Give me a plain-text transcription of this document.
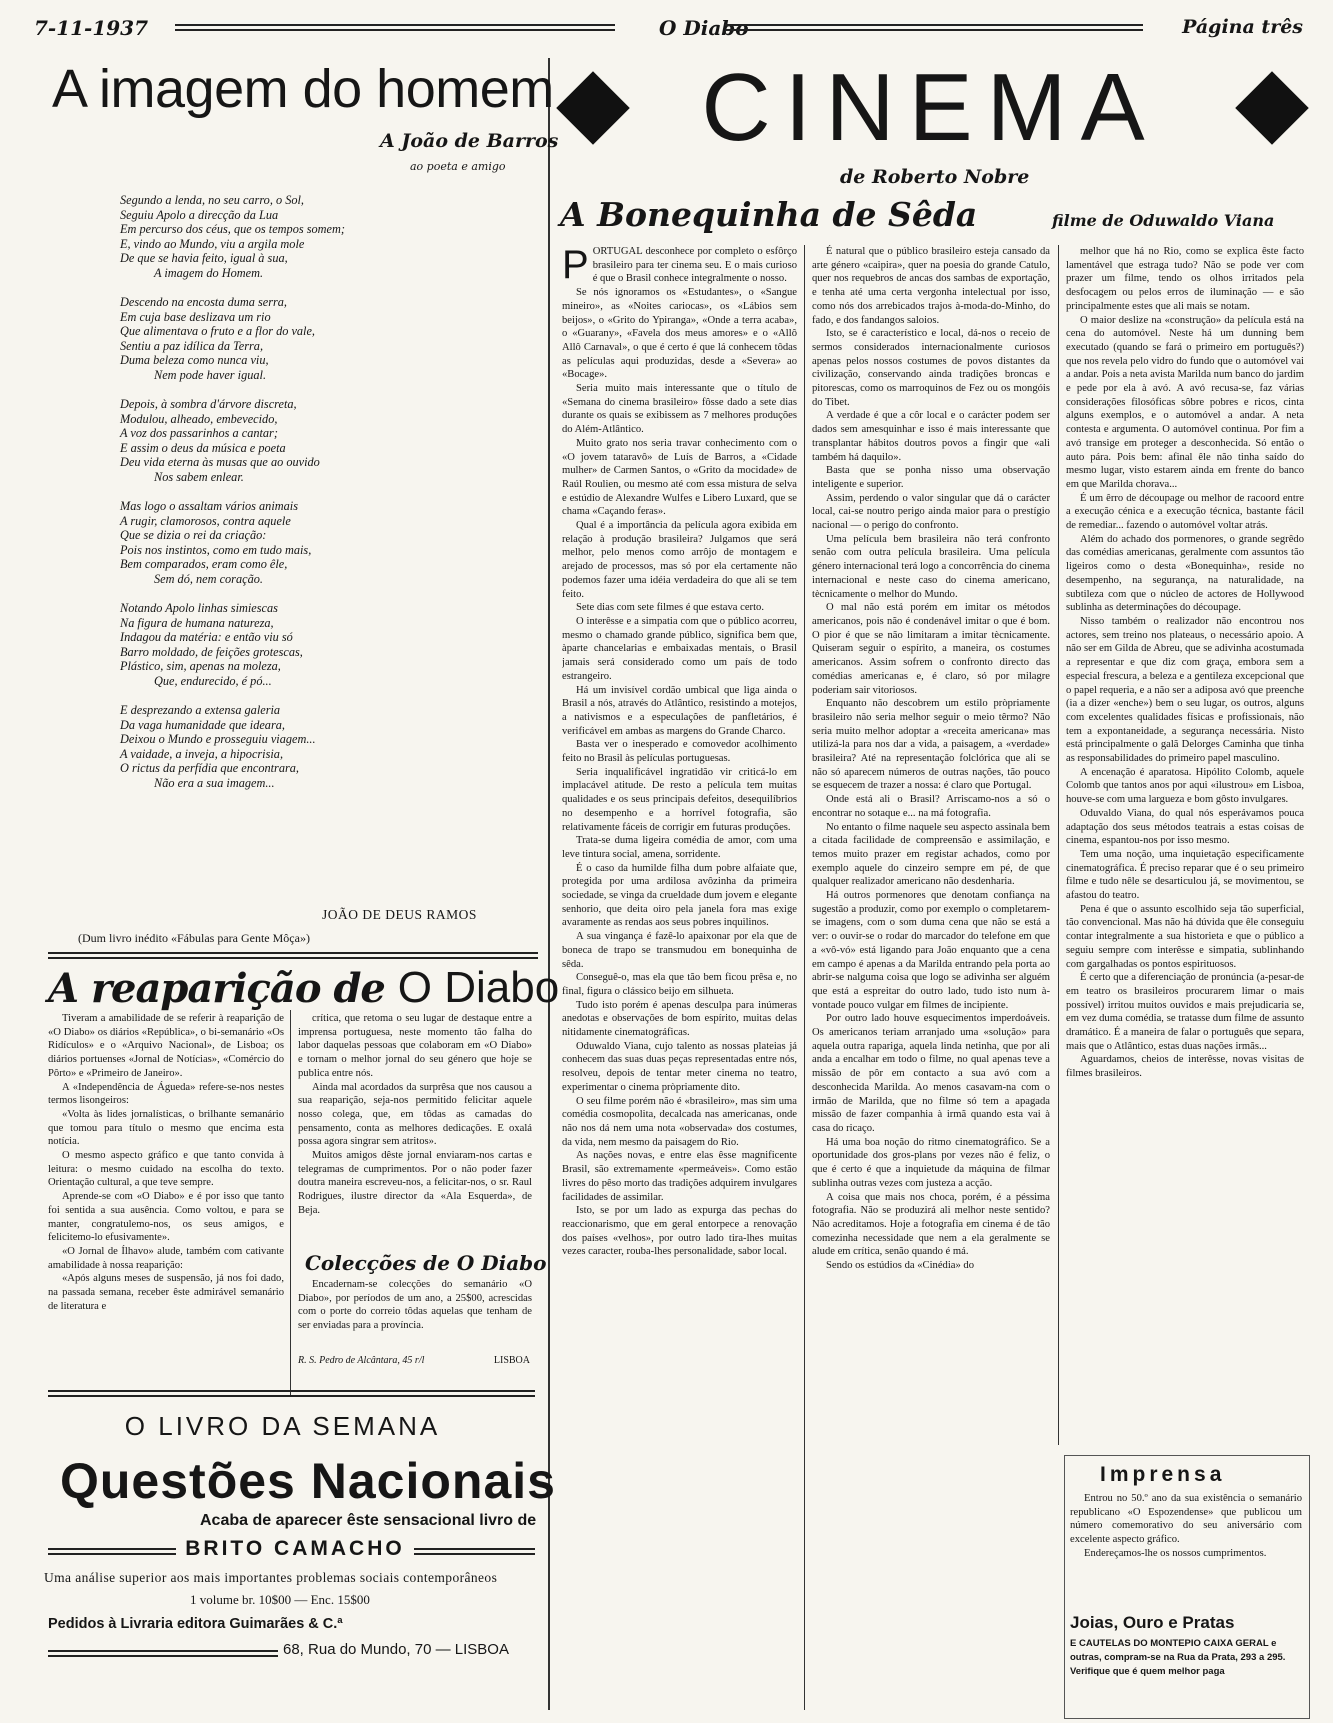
7-11-1937	O Diabo	Página três
A imagem do homem
A João de Barros
ao poeta e amigo
Segundo a lenda, no seu carro, o Sol,
Seguiu Apolo a direcção da Lua
Em percurso dos céus, que os tempos somem;
E, vindo ao Mundo, viu a argila mole
De que se havia feito, igual à sua,
A imagem do Homem.
Descendo na encosta duma serra,
Em cuja base deslizava um rio
Que alimentava o fruto e a flor do vale,
Sentiu a paz idílica da Terra,
Duma beleza como nunca viu,
Nem pode haver igual.
Depois, à sombra d'árvore discreta,
Modulou, alheado, embevecido,
A voz dos passarinhos a cantar;
E assim o deus da música e poeta
Deu vida eterna às musas que ao ouvido
Nos sabem enlear.
Mas logo o assaltam vários animais
A rugir, clamorosos, contra aquele
Que se dizia o rei da criação:
Pois nos instintos, como em tudo mais,
Bem comparados, eram como êle,
Sem dó, nem coração.
Notando Apolo linhas simiescas
Na figura de humana natureza,
Indagou da matéria: e então viu só
Barro moldado, de feições grotescas,
Plástico, sim, apenas na moleza,
Que, endurecido, é pó...
E desprezando a extensa galeria
Da vaga humanidade que ideara,
Deixou o Mundo e prosseguiu viagem...
A vaidade, a inveja, a hipocrisia,
O rictus da perfídia que encontrara,
Não era a sua imagem...
JOÃO DE DEUS RAMOS
(Dum livro inédito «Fábulas para Gente Môça»)
CINEMA
de Roberto Nobre
A Bonequinha de Sêda	filme de Oduwaldo Viana
P ORTUGAL desconhece por completo o esfôrço brasileiro para ter cinema seu. E o mais curioso é que o Brasil conhece integralmente o nosso.

Se nós ignoramos os «Estudantes», o «Sangue mineiro», as «Noites cariocas», os «Lábios sem beijos», o «Grito do Ypiranga», «Onde a terra acaba», o «Guarany», «Favela dos meus amores» e o «Allô Allô Carnaval», o que é certo é que lá conhecem tôdas as películas aqui produzidas, desde a «Severa» ao «Bocage».

Seria muito mais interessante que o título de «Semana do cinema brasileiro» fôsse dado a sete dias durante os quais se exibissem as 7 melhores produções do Além-Atlântico.

Muito grato nos seria travar conhecimento com o «O jovem tataravô» de Luís de Barros, a «Cidade mulher» de Carmen Santos, o «Grito da mocidade» de Raúl Roulien, ou mesmo até com essa mistura de selva e estúdio de Alexandre Wulfes e Libero Luxard, que se chama «Caçando feras».

Qual é a importância da película agora exibida em relação à produção brasileira? Julgamos que será melhor, pelo menos como arrôjo de montagem e arejado de processos, mas só por ela certamente não podemos fazer uma idéia verdadeira do que ali se tem feito.

Sete dias com sete filmes é que estava certo.

O interêsse e a simpatia com que o público acorreu, mesmo o chamado grande público, significa bem que, àparte chancelarias e embaixadas mentais, o Brasil jamais será considerado como um país de todo estrangeiro.

Há um invisível cordão umbical que liga ainda o Brasil a nós, através do Atlântico, resistindo a motejos, a nativismos e a especulações de panfletários, é verificável em ambas as margens do Grande Charco.

Basta ver o inesperado e comovedor acolhimento feito no Brasil às películas portuguesas.

Seria inqualificável ingratidão vir criticá-lo em implacável atitude. De resto a película tem muitas qualidades e os seus principais defeitos, desequilíbrios no desempenho e a horrível fotografia, são relativamente fáceis de corrigir em futuras produções.

Trata-se duma ligeira comédia de amor, com uma leve tintura social, amena, sorridente.

É o caso da humilde filha dum pobre alfaiate que, protegida por uma ardilosa avôzinha da primeira sociedade, se vinga da crueldade dum jovem e elegante senhorio, que deita oiro pela janela fora mas exige avaramente as rendas aos seus pobres inquilinos.

A sua vingança é fazê-lo apaixonar por ela que de boneca de trapo se transmudou em bonequinha de sêda.

Conseguê-o, mas ela que tão bem ficou prêsa e, no final, figura o clássico beijo em silhueta.

Tudo isto porém é apenas desculpa para inúmeras anedotas e observações de bom espírito, muitas delas nitidamente cinematográficas.

Oduwaldo Viana, cujo talento as nossas plateias já conhecem das suas duas peças representadas entre nós, resolveu, depois de tentar meter cinema no teatro, experimentar o cinema pròpriamente dito.

O seu filme porém não é «brasileiro», mas sim uma comédia cosmopolita, decalcada nas americanas, onde não nos dá nem uma nota «observada» dos costumes, da vida, nem mesmo da paisagem do Rio.

As nações novas, e entre elas êsse magnificente Brasil, são extremamente «permeáveis». Como estão livres do pêso morto das tradições adquirem invulgares facilidades de assimilar.

Isto, se por um lado as expurga das pechas do reaccionarismo, que em geral entorpece a renovação dos países «velhos», por outro lado tira-lhes muitas vezes caracter, rouba-lhes personalidade, sabor local.

É natural que o público brasileiro esteja cansado da arte género «caipira», quer na poesia do grande Catulo, quer nos requebros de ancas dos sambas de exportação, e tenha até uma certa vergonha intelectual por isso, como nós dos arrebicados trajos à-moda-do-Minho, do fado, e dos fandangos saloios.

Isto, se é característico e local, dá-nos o receio de sermos considerados internacionalmente curiosos apenas pelos nossos costumes de povos distantes da civilização, conservando ainda tradições broncas e pitorescas, como os marroquinos de Fez ou os mongóis do Tibet.

A verdade é que a côr local e o carácter podem ser dados sem amesquinhar e isso é mais interessante que transplantar hábitos doutros povos a fingir que «ali também há daquilo».

Basta que se ponha nisso uma observação inteligente e superior.

Assim, perdendo o valor singular que dá o carácter local, cai-se noutro perigo ainda maior para o prestígio nacional — o perigo do confronto.

Uma película bem brasileira não terá confronto senão com outra película brasileira. Uma película género internacional terá logo a concorrência do cinema internacional e neste caso do cinema americano, tècnicamente o melhor do Mundo.

O mal não está porém em imitar os métodos americanos, pois não é condenável imitar o que é bom. O pior é que se não limitaram a imitar tècnicamente. Quiseram seguir o espírito, a maneira, os costumes americanos. Assim sofrem o confronto directo das comédias americanas e, é claro, só por milagre poderiam sair vitoriosos.

Enquanto não descobrem um estilo pròpriamente brasileiro não seria melhor seguir o meio têrmo? Não seria muito melhor adoptar a «receita americana» mas utilizá-la para nos dar a vida, a paisagem, a «verdade» brasileira? Até na representação folclórica que ali se não só aparecem números de outras nações, tão pouco se esquecem de trazer a nossa: é claro que Portugal.

Onde está ali o Brasil? Arriscamo-nos a só o encontrar no sotaque e... na má fotografia.

No entanto o filme naquele seu aspecto assinala bem a citada facilidade de compreensão e assimilação, e temos muito prazer em registar achados, como por exemplo aquele do cinzeiro sempre em pé, de que qualquer realizador americano não desdenharia.

Há outros pormenores que denotam confiança na sugestão a produzir, como por exemplo o completarem-se imagens, com o som duma cena que não se está a ver: o ouvir-se o rodar do marcador do telefone em que a «vô-vó» está ligando para João enquanto que a cena em campo é apenas a da Marilda entrando pela porta ao abrir-se nalguma coisa que logo se adivinha ser alguém que está a espreitar do outro lado, tudo isto num à-vontade pouco vulgar em filmes de incipiente.

Por outro lado houve esquecimentos imperdoáveis. Os americanos teriam arranjado uma «solução» para aquela outra rapariga, aquela linda netinha, que por ali anda a encalhar em todo o filme, no qual apenas teve a missão de pôr em contacto a sua avó com a desconhecida Marilda. Ao menos casavam-na com o irmão de Marilda, que no filme só tem a apagada missão de fazer companhia à irmã quando esta vai à casa do ricaço.

Há uma boa noção do ritmo cinematográfico. Se a oportunidade dos gros-plans por vezes não é feliz, o que é certo é que a inquietude da máquina de filmar sublinha outras vezes com justeza a acção.

A coisa que mais nos choca, porém, é a péssima fotografia. Não se produzirá ali melhor neste sentido? Não acreditamos. Hoje a fotografia em cinema é de tão comezinha necessidade que nem a ela geralmente se alude em crítica, senão quando é má.

Sendo os estúdios da «Cinédia» do

melhor que há no Rio, como se explica êste facto lamentável que estraga tudo? Não se pode ver com prazer um filme, tendo os olhos irritados pela desfocagem ou pelos erros de iluminação — e são principalmente estes que ali mais se notam.

O maior deslize na «construção» da película está na cena do automóvel. Neste há um dunning bem executado (quando se fará o primeiro em português?) que nos revela pelo vidro do fundo que o automóvel vai a andar. Pois a neta avista Marilda num banco do jardim e pede por ela à avó. A avó recusa-se, faz várias considerações filosóficas sôbre pobres e ricos, cinta alguns exemplos, e o automóvel a andar. A neta contesta e argumenta. O automóvel continua. Por fim a avó transige em proteger a desconhecida. Só então o auto pára. Pois bem: afinal êle não tinha saído do mesmo lugar, visto estarem ainda em frente do banco em que Marilda chorava...

É um êrro de découpage ou melhor de racoord entre a execução cénica e a execução técnica, bastante fácil de remediar... fazendo o automóvel voltar atrás.

Além do achado dos pormenores, o grande segrêdo das comédias americanas, geralmente com assuntos tão ligeiros como o desta «Bonequinha», reside no desempenho, na segurança, na naturalidade, na subtileza com que o núcleo de actores de Hollywood sublinha as determinações do découpage.

Nisso também o realizador não encontrou nos actores, sem treino nos plateaus, o necessário apoio. A não ser em Gilda de Abreu, que se adivinha acostumada a representar e que diz com graça, embora sem a especial frescura, a beleza e a gentileza excepcional que o papel requeria, e a não ser a adiposa avó que preenche (ia a dizer «enche») bem o seu lugar, os outros, alguns com excelentes qualidades físicas e profissionais, não tem a expontaneidade, a segurança necessária. Nisto está principalmente o galã Delorges Caminha que tinha as responsabilidades do primeiro papel masculino.

A encenação é aparatosa. Hipólito Colomb, aquele Colomb que tantos anos por aqui «ilustrou» em Lisboa, houve-se com uma largueza e bom gôsto invulgares.

Oduvaldo Viana, do qual nós esperávamos pouca adaptação dos seus métodos teatrais a estas coisas de cinema, espantou-nos por isso mesmo.

Tem uma noção, uma inquietação especificamente cinematográfica. É preciso reparar que é o seu primeiro filme e tudo nêle se desarticulou já, se movimentou, se afastou do teatro.

Pena é que o assunto escolhido seja tão superficial, tão convencional. Mas não há dúvida que êle conseguiu contar integralmente a sua historieta e que o público a seguiu sempre com interêsse e simpatia, sublinhando com gargalhadas os pontos espirituosos.

É certo que a diferenciação de pronúncia (a-pesar-de em teatro os brasileiros procurarem limar o mais possível) irritou muitos ouvidos e mais prejudicaria se, em vez duma comédia, se tratasse dum filme de assunto dramático. É a maneira de falar o português que separa, mais que o Atlântico, estas duas nações irmãs...

Aguardamos, cheios de interêsse, novas visitas de filmes brasileiros.

Imprensa

Entrou no 50.º ano da sua existência o semanário republicano «O Espozendense» que publicou um número comemorativo do seu aniversário com excelente aspecto gráfico.

Endereçamos-lhe os nossos cumprimentos.

Joias, Ouro e Pratas
E CAUTELAS DO MONTEPIO CAIXA GERAL e outras, compram-se na Rua da Prata, 293 a 295. Verifique que é quem melhor paga
A reaparição de O Diabo

Tiveram a amabilidade de se referir à reaparição de «O Diabo» os diários «República», o bi-semanário «Os Ridículos» e o «Arquivo Nacional», de Lisboa; os diários portuenses «Jornal de Notícias», «Comércio do Pôrto» e «Primeiro de Janeiro».

A «Independência de Águeda» refere-se-nos nestes termos lisongeiros:

«Volta às lides jornalísticas, o brilhante semanário que tomou para título o mesmo que encima esta notícia.

O mesmo aspecto gráfico e que tanto convida à leitura: o mesmo cuidado na escolha do texto. Orientação cultural, a que teve sempre.

Aprende-se com «O Diabo» e é por isso que tanto foi sentida a sua ausência. Como voltou, e para se manter, congratulemo-nos, os seus amigos, e felicitemo-lo efusivamente».

«O Jornal de Ílhavo» alude, também com cativante amabilidade à nossa reaparição:

«Após alguns meses de suspensão, já nos foi dado, na passada semana, receber êste admirável semanário de literatura e

crítica, que retoma o seu lugar de destaque entre a imprensa portuguesa, neste momento tão falha do labor daquelas pessoas que colaboram em «O Diabo» e tornam o melhor jornal do seu género que hoje se publica entre nós.

Ainda mal acordados da surprêsa que nos causou a sua reaparição, seja-nos permitido felicitar aquele nosso colega, que, em tôdas as camadas do pensamento, conta as melhores dedicações. E oxalá possa agora singrar sem atritos».

Muitos amigos dêste jornal enviaram-nos cartas e telegramas de cumprimentos. Por o não poder fazer doutra maneira escreveu-nos, a felicitar-nos, o sr. Raul Rodrigues, ilustre director da «Ala Esquerda», de Beja.

Colecções de O Diabo

Encadernam-se colecções do semanário «O Diabo», por períodos de um ano, a 25$00, acrescidas com o porte do correio tôdas aquelas que tenham de ser enviadas para a província.

LISBOA
R. S. Pedro de Alcântara, 45 r/l
O LIVRO DA SEMANA
Questões Nacionais
Acaba de aparecer êste sensacional livro de
BRITO CAMACHO
Uma análise superior aos mais importantes problemas sociais contemporâneos
1 volume br. 10$00 — Enc. 15$00
Pedidos à Livraria editora Guimarães & C.ª
68, Rua do Mundo, 70 — LISBOA
